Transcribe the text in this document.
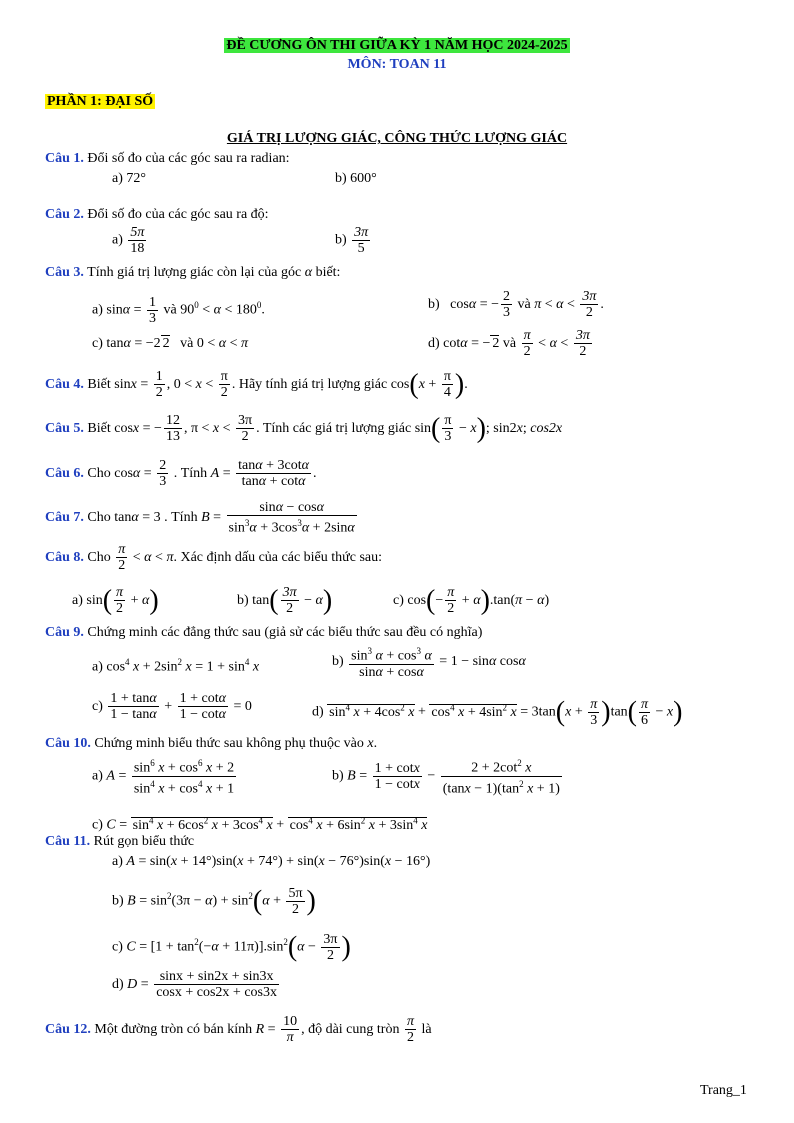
ĐỀ CƯƠNG ÔN THI GIỮA KỲ 1 NĂM HỌC 2024-2025
MÔN: TOAN 11
PHẦN 1: ĐẠI SỐ
GIÁ TRỊ LƯỢNG GIÁC, CÔNG THỨC LƯỢNG GIÁC
Câu 1. Đổi số đo của các góc sau ra radian:
a) 72°	b) 600°
Câu 2. Đổi số đo của các góc sau ra độ:
$a) \frac{5\pi}{18}$	$b) \frac{3\pi}{5}$
Câu 3. Tính giá trị lượng giác còn lại của góc α biết:
a) $\sin\alpha = \frac{1}{3}$ và $90^0 < \alpha < 180^0$.	b)   cosα = − $\frac{2}{3}$ và $\pi < \alpha < \frac{3\pi}{2}$ .
c) tanα = −2 2   và 0 < α < π	d) cotα = − 2 và $\frac{\pi}{2} < \alpha < \frac{3\pi}{2}$
Câu 4. Biết $\sin x = \frac{1}{2}$ , $0 < x < \frac{\pi}{2}$ . Hãy tính giá trị lượng giác $\cos(x + \frac{\pi}{4}$ ).
Câu 5. Biết cosx = − $\frac{12}{13}$ , $\pi < x < \frac{3\pi}{2}$ . Tính các giá trị lượng giác $\sin( \frac{\pi}{3} - x)$; sin2x; cos2x
Câu 6. Cho $\cos\alpha = \frac{2}{3}$ . Tính $A = \frac{\tan\alpha + 3\cot\alpha}{\tan\alpha + \cot\alpha}$ .
Câu 7. Cho tanα = 3 . Tính $B = \frac{\sin\alpha - \cos\alpha}{\sin^3\alpha + 3\cos^3\alpha + 2\sin\alpha}$
Câu 8. Cho $\frac{\pi}{2} < \alpha < \pi$. Xác định dấu của các biểu thức sau:
a) $\sin( \frac{\pi}{2} + \alpha)$	b) $\tan( \frac{3\pi}{2} - \alpha)$	c) $\cos(- \frac{\pi}{2} + \alpha).\tan(\pi - \alpha)$
Câu 9. Chứng minh các đẳng thức sau (giả sử các biểu thức sau đều có nghĩa)
a) $\cos^4 x + 2\sin^2$ $x = 1 + \sin^4 x$	$b) \frac{\sin^3 \alpha + \cos^3 \alpha}{\sin\alpha + \cos\alpha} = 1 - \sin\alpha$ cosα
$c) \frac{1 + \tan\alpha}{1 - \tan\alpha} + \frac{1 + \cot\alpha}{1 - \cot\alpha} = 0$	d) $\sin^4 x + 4\cos^2$ $x + \cos^4 x + 4\sin^2$ $x = 3\tan(x + \frac{\pi}{3} )\tan( \frac{\pi}{6} - x)$
Câu 10. Chứng minh biểu thức sau không phụ thuộc vào x.
a) $A = \frac{\sin^6 x + \cos^6 x + 2}{\sin^4 x + \cos^4 x + 1}$	b) $B = \frac{1 + \cot x}{1 - \cot x} - \frac{2 + 2\cot^2 x}{(\tan x - 1)(\tan^2 x + 1)}$
c) $C = \sin^4 x + 6\cos^2$ $x + 3\cos^4$ $x + \cos^4 x + 6\sin^2$ $x + 3\sin^4$ x
Câu 11. Rút gọn biểu thức
a) A = sin(x + 14°)sin(x + 74°) + sin(x − 76°)sin(x − 16°)
b) $B = \sin^2(3\pi - \alpha) + \sin^2(\alpha + \frac{5\pi}{2}$ )
c) $C = [1 + \tan^2(-\alpha + 11\pi)].\sin^2(\alpha - \frac{3\pi}{2}$ )
d) $D = \frac{\sin x + \sin 2x + \sin 3x}{\cos x + \cos 2x + \cos 3x}$
Câu 12. Một đường tròn có bán kính $R = \frac{10}{\pi}$ , độ dài cung tròn $\frac{\pi}{2}$ là
Trang_1
